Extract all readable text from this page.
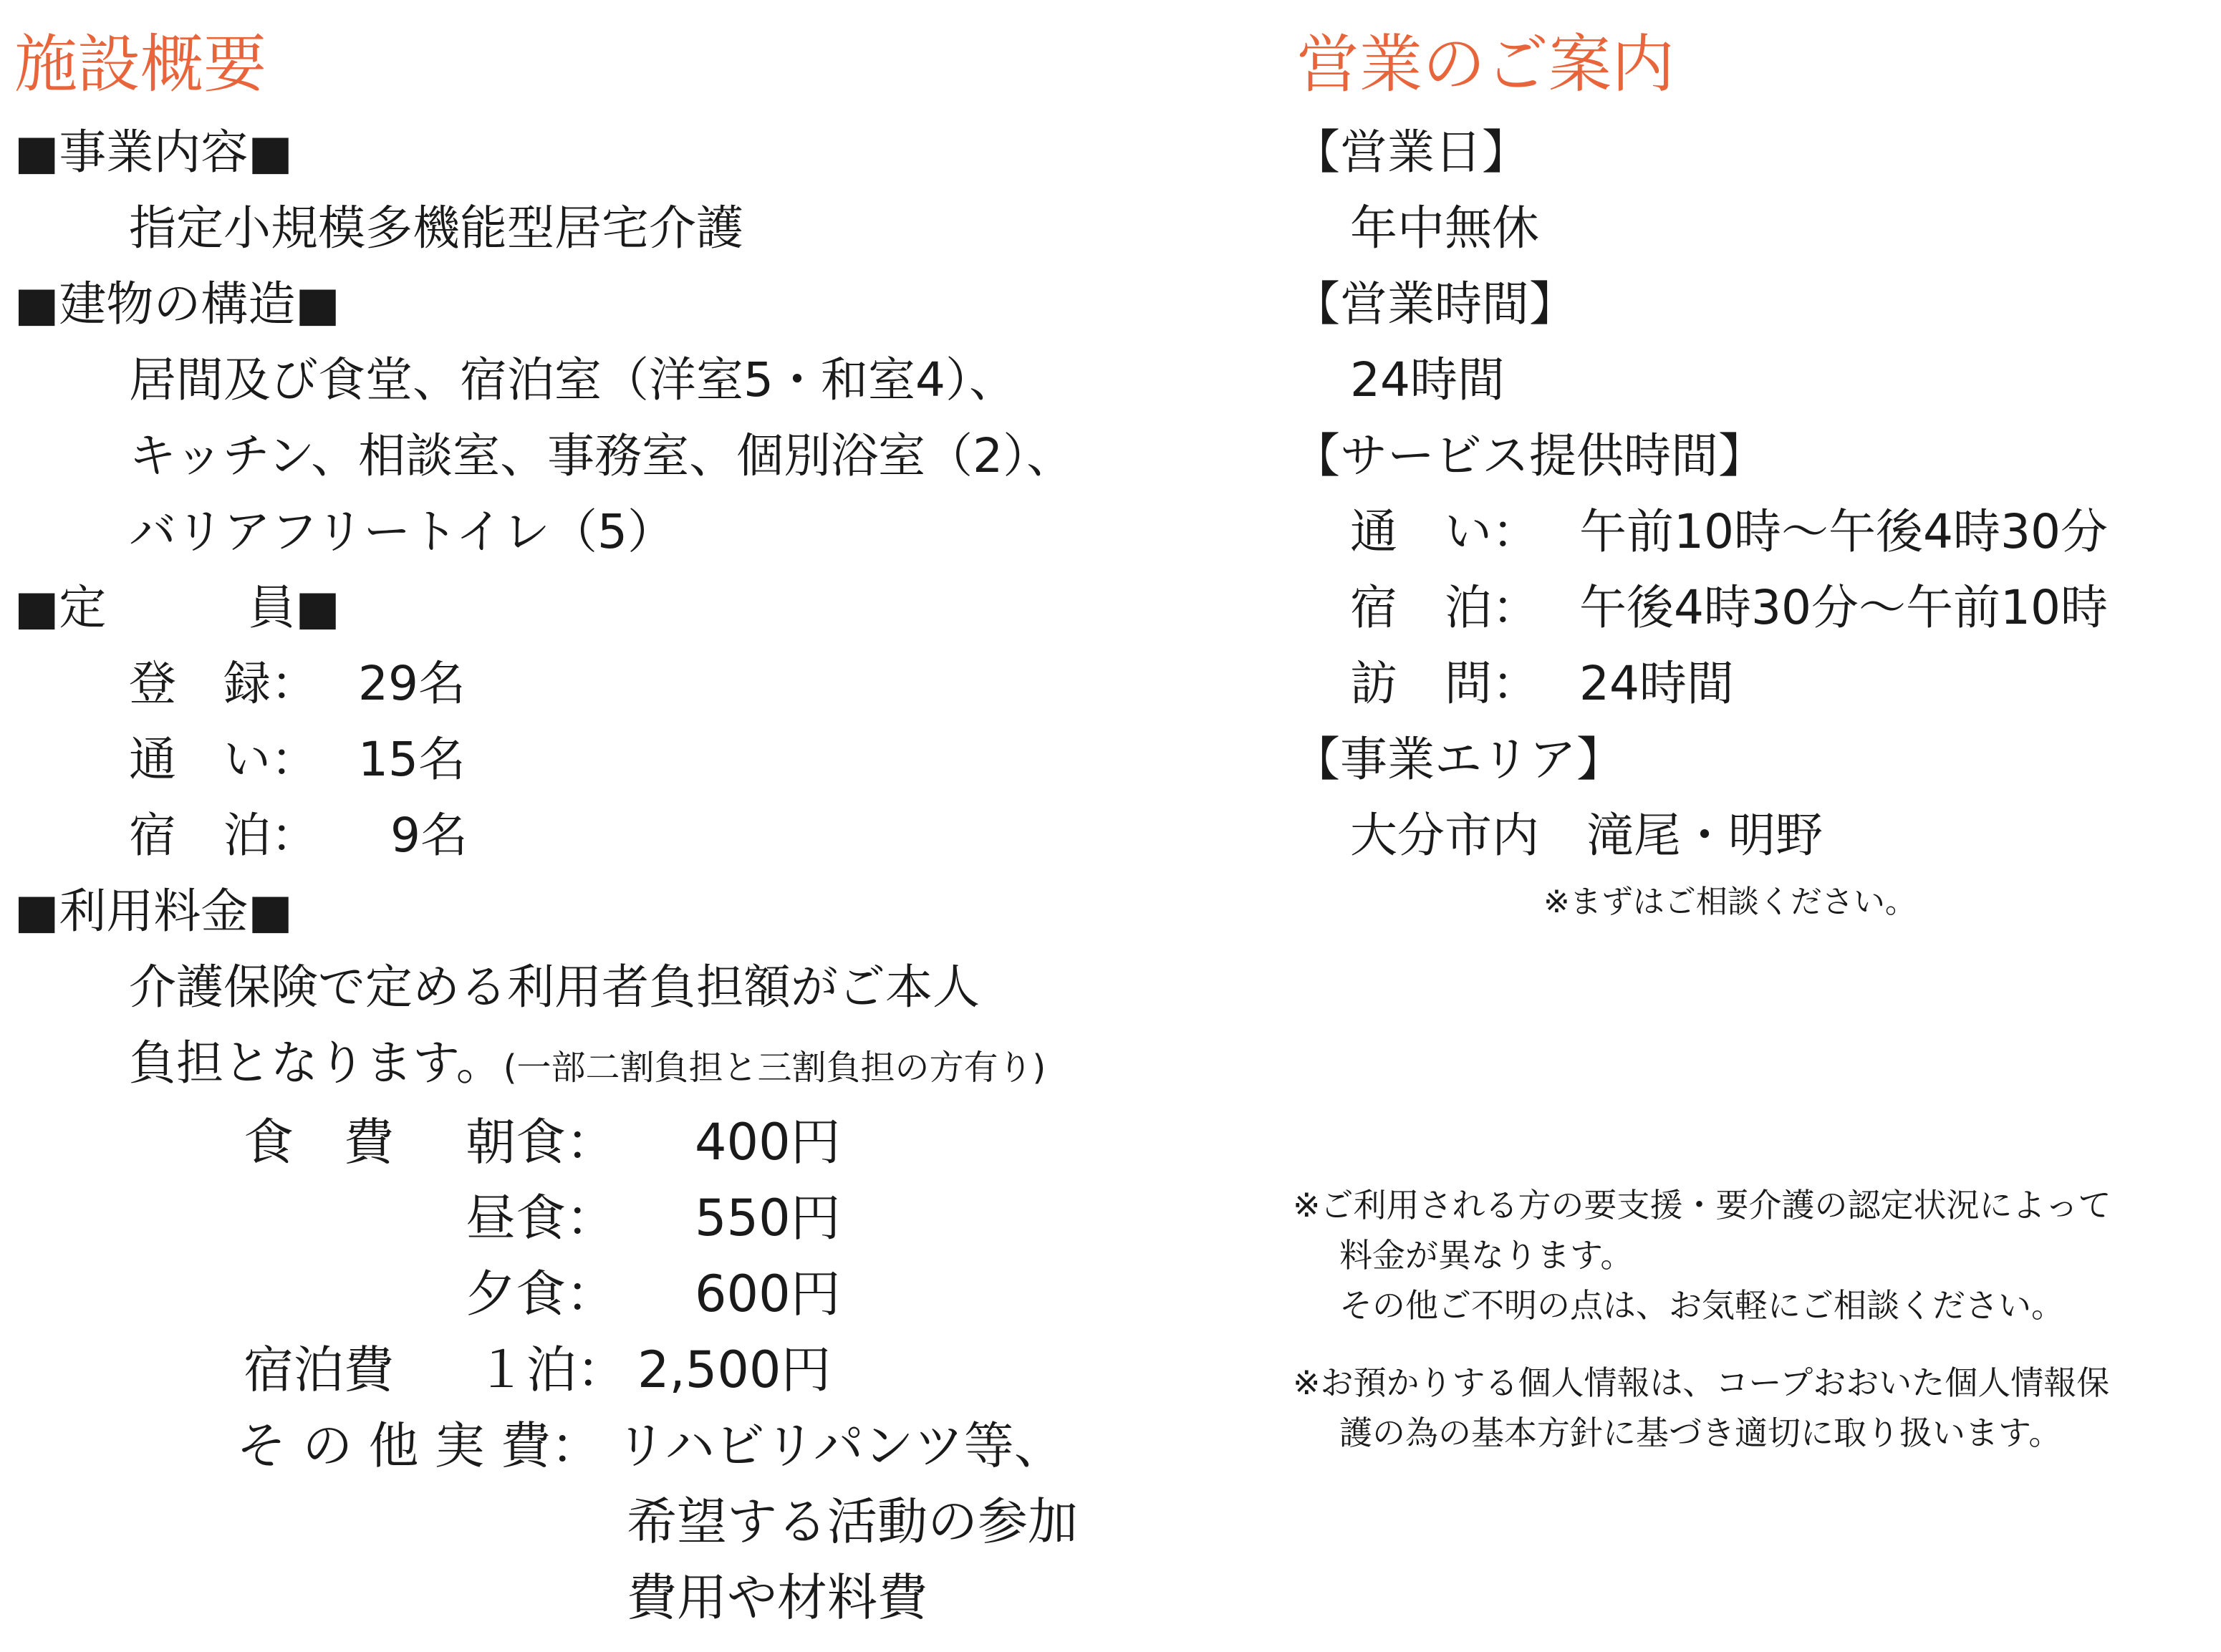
施設概要
■事業内容■
指定小規模多機能型居宅介護
■建物の構造■
居間及び食堂、宿泊室（洋室5・和室4）、
キッチン、相談室、事務室、個別浴室（2）、
バリアフリートイレ（5）
■定　　　員■
登　録： 29名
通　い： 15名
宿　泊： 9名
■利用料金■
介護保険で定める利用者負担額がご本人
負担となります。(一部二割負担と三割負担の方有り)
食　費 朝食： 400円
昼食： 550円
夕食： 600円
宿泊費 １泊： 2,500円
そ の 他 実 費： リハビリパンツ等、
希望する活動の参加
費用や材料費
営業のご案内
【営業日】
年中無休
【営業時間】
24時間
【サービス提供時間】
通　い： 午前10時～午後4時30分
宿　泊： 午後4時30分～午前10時
訪　問： 24時間
【事業エリア】
大分市内　滝尾・明野
※まずはご相談ください。
※ご利用される方の要支援・要介護の認定状況によって
料金が異なります。
その他ご不明の点は、お気軽にご相談ください。
※お預かりする個人情報は、コープおおいた個人情報保
護の為の基本方針に基づき適切に取り扱います。
